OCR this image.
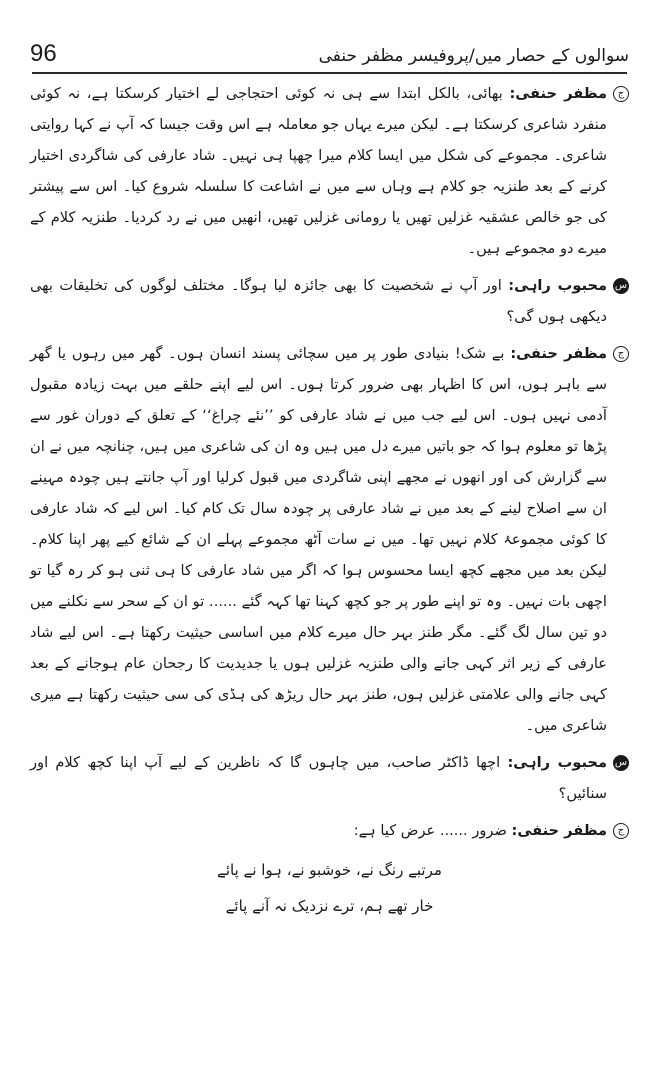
سوالوں کے حصار میں/پروفیسر مظفر حنفی
96

ج
مظفر حنفی: بھائی، بالکل ابتدا سے ہی نہ کوئی احتجاجی لے اختیار کرسکتا ہے، نہ کوئی منفرد شاعری کرسکتا ہے۔ لیکن میرے یہاں جو معاملہ ہے اس وقت جیسا کہ آپ نے کہا روایتی شاعری۔ مجموعے کی شکل میں ایسا کلام میرا چھپا ہی نہیں۔ شاد عارفی کی شاگردی اختیار کرنے کے بعد طنزیہ جو کلام ہے وہاں سے میں نے اشاعت کا سلسلہ شروع کیا۔ اس سے پیشتر کی جو خالص عشقیہ غزلیں تھیں یا رومانی غزلیں تھیں، انھیں میں نے رد کردیا۔ طنزیہ کلام کے میرے دو مجموعے ہیں۔

س
محبوب راہی: اور آپ نے شخصیت کا بھی جائزہ لیا ہوگا۔ مختلف لوگوں کی تخلیقات بھی دیکھی ہوں گی؟

ج
مظفر حنفی: بے شک! بنیادی طور پر میں سچائی پسند انسان ہوں۔ گھر میں رہوں یا گھر سے باہر ہوں، اس کا اظہار بھی ضرور کرتا ہوں۔ اس لیے اپنے حلقے میں بہت زیادہ مقبول آدمی نہیں ہوں۔ اس لیے جب میں نے شاد عارفی کو ’’نئے چراغ‘‘ کے تعلق کے دوران غور سے پڑھا تو معلوم ہوا کہ جو باتیں میرے دل میں ہیں وہ ان کی شاعری میں ہیں، چنانچہ میں نے ان سے گزارش کی اور انھوں نے مجھے اپنی شاگردی میں قبول کرلیا اور آپ جانتے ہیں چودہ مہینے ان سے اصلاح لینے کے بعد میں نے شاد عارفی پر چودہ سال تک کام کیا۔ اس لیے کہ شاد عارفی کا کوئی مجموعۂ کلام نہیں تھا۔ میں نے سات آٹھ مجموعے پہلے ان کے شائع کیے پھر اپنا کلام۔ لیکن بعد میں مجھے کچھ ایسا محسوس ہوا کہ اگر میں شاد عارفی کا ہی ثنی ہو کر رہ گیا تو اچھی بات نہیں۔ وہ تو اپنے طور پر جو کچھ کہنا تھا کہہ گئے ...... تو ان کے سحر سے نکلنے میں دو تین سال لگ گئے۔ مگر طنز بہر حال میرے کلام میں اساسی حیثیت رکھتا ہے۔ اس لیے شاد عارفی کے زیر اثر کہی جانے والی طنزیہ غزلیں ہوں یا جدیدیت کا رجحان عام ہوجانے کے بعد کہی جانے والی علامتی غزلیں ہوں، طنز بہر حال ریڑھ کی ہڈی کی سی حیثیت رکھتا ہے میری شاعری میں۔

س
محبوب راہی: اچھا ڈاکٹر صاحب، میں چاہوں گا کہ ناظرین کے لیے آپ اپنا کچھ کلام اور سنائیں؟

ج
مظفر حنفی: ضرور ...... عرض کیا ہے:

مرتبے رنگ نے، خوشبو نے، ہوا نے پائے

خار تھے ہم، ترے نزدیک نہ آنے پائے
